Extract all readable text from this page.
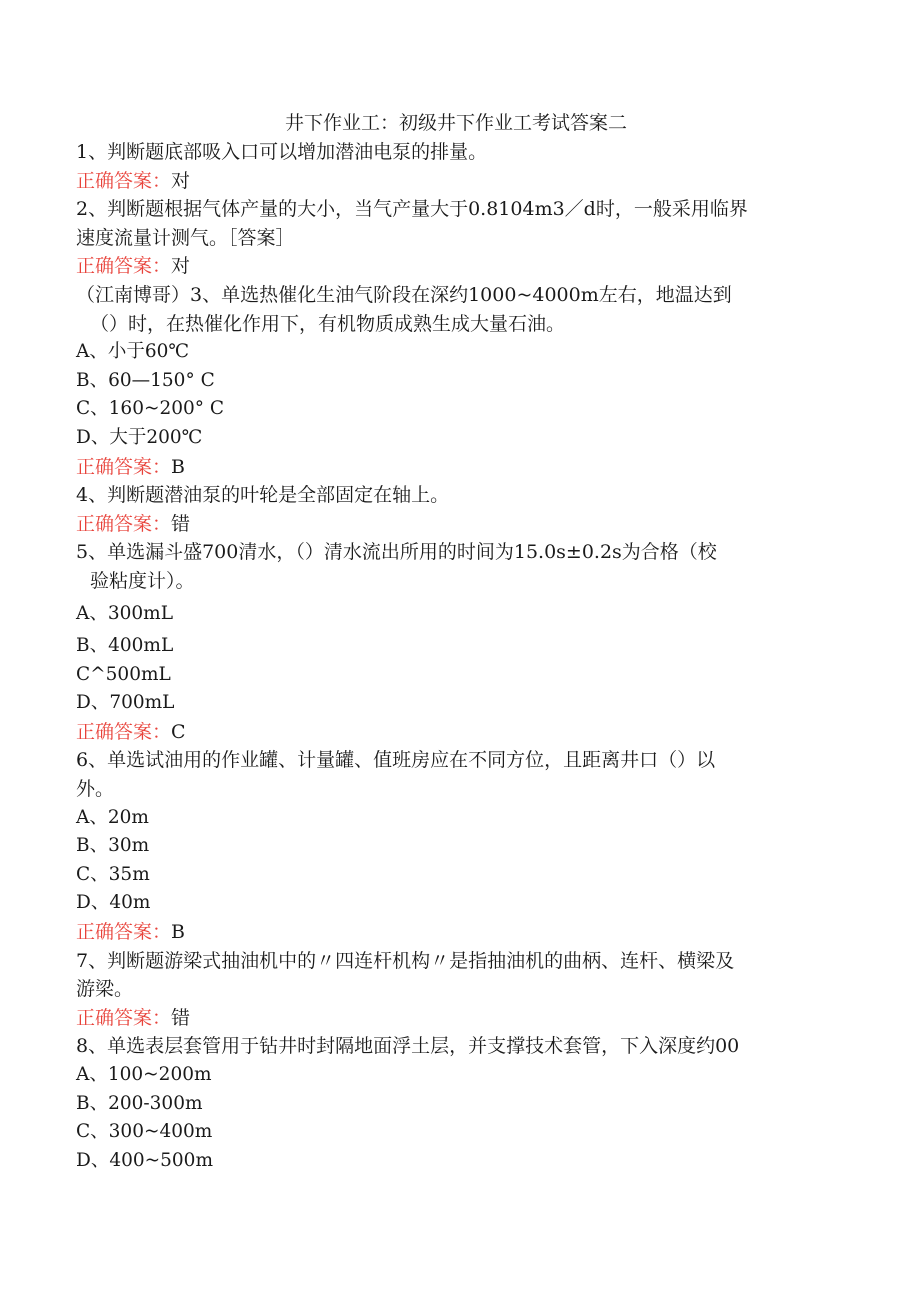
井下作业工：初级井下作业工考试答案二
1、判断题底部吸入口可以增加潜油电泵的排量。
正确答案：对
2、判断题根据气体产量的大小，当气产量大于0.8104m3／d时，一般采用临界
速度流量计测气。［答案］
正确答案：对
（江南博哥）3、单选热催化生油气阶段在深约1000~4000m左右，地温达到
（）时，在热催化作用下，有机物质成熟生成大量石油。
A、小于60℃
B、60—150° C
C、160~200° C
D、大于200℃
正确答案：B
4、判断题潜油泵的叶轮是全部固定在轴上。
正确答案：错
5、单选漏斗盛700清水，（）清水流出所用的时间为15.0s±0.2s为合格（校
验粘度计）。
A、300mL
B、400mL
C^500mL
D、700mL
正确答案：C
6、单选试油用的作业罐、计量罐、值班房应在不同方位，且距离井口（）以
外。
A、20m
B、30m
C、35m
D、40m
正确答案：B
7、判断题游梁式抽油机中的〃四连杆机构〃是指抽油机的曲柄、连杆、横梁及
游梁。
正确答案：错
8、单选表层套管用于钻井时封隔地面浮土层，并支撑技术套管，下入深度约00
A、100~200m
B、200-300m
C、300~400m
D、400~500m
